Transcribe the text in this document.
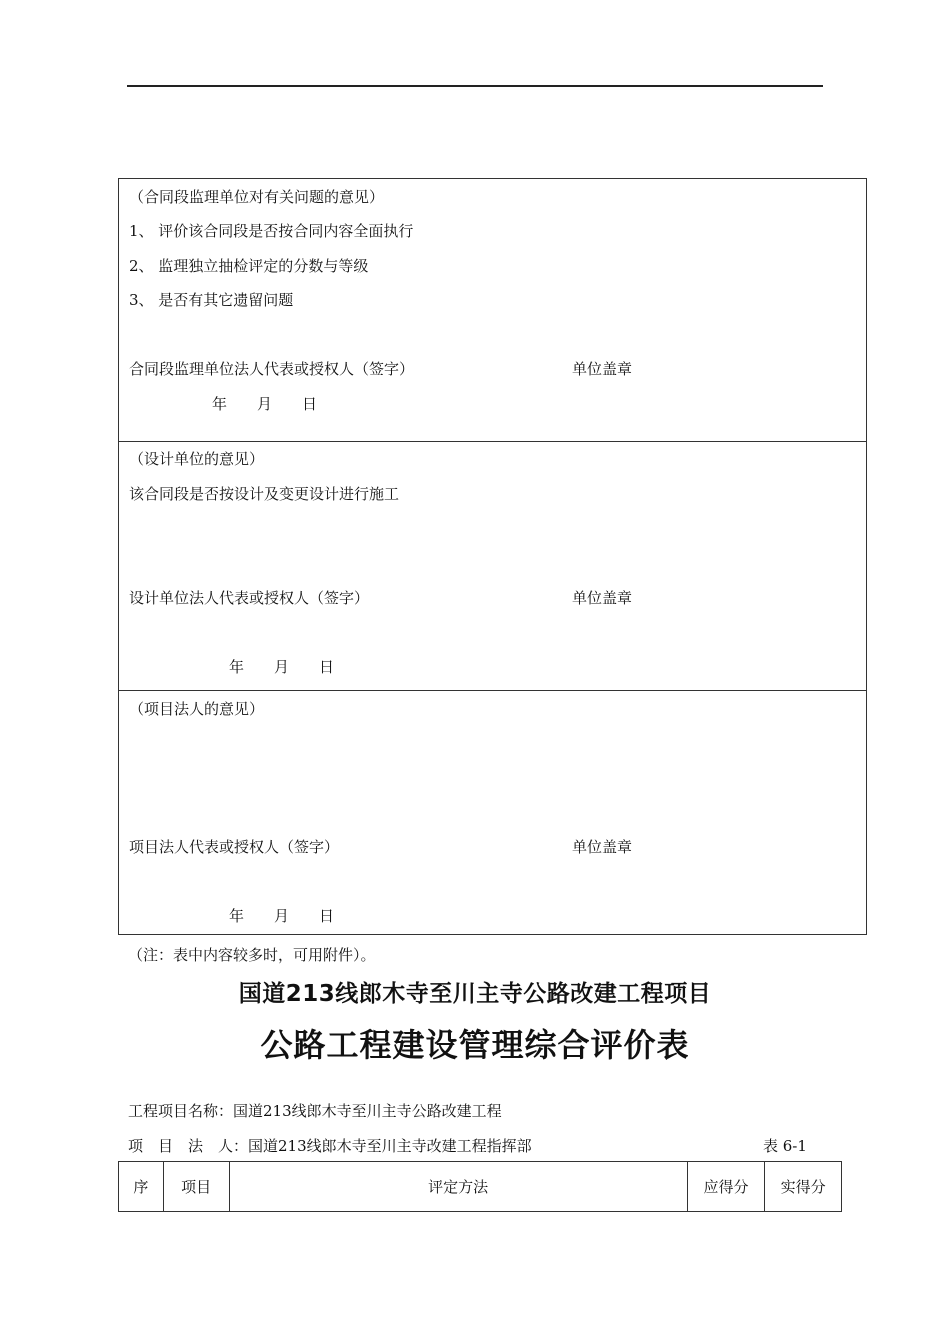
（合同段监理单位对有关问题的意见）
1、 评价该合同段是否按合同内容全面执行
2、 监理独立抽检评定的分数与等级
3、 是否有其它遗留问题
合同段监理单位法人代表或授权人（签字）	单位盖章
年 月 日
（设计单位的意见）
该合同段是否按设计及变更设计进行施工
设计单位法人代表或授权人（签字）	单位盖章
年 月 日
（项目法人的意见）
项目法人代表或授权人（签字）	单位盖章
年 月 日
（注：表中内容较多时，可用附件）。
国道213线郎木寺至川主寺公路改建工程项目
公路工程建设管理综合评价表
工程项目名称：国道213线郎木寺至川主寺公路改建工程
项　目　法　人：国道213线郎木寺至川主寺改建工程指挥部	表 6-1
序	项目	评定方法	应得分	实得分
